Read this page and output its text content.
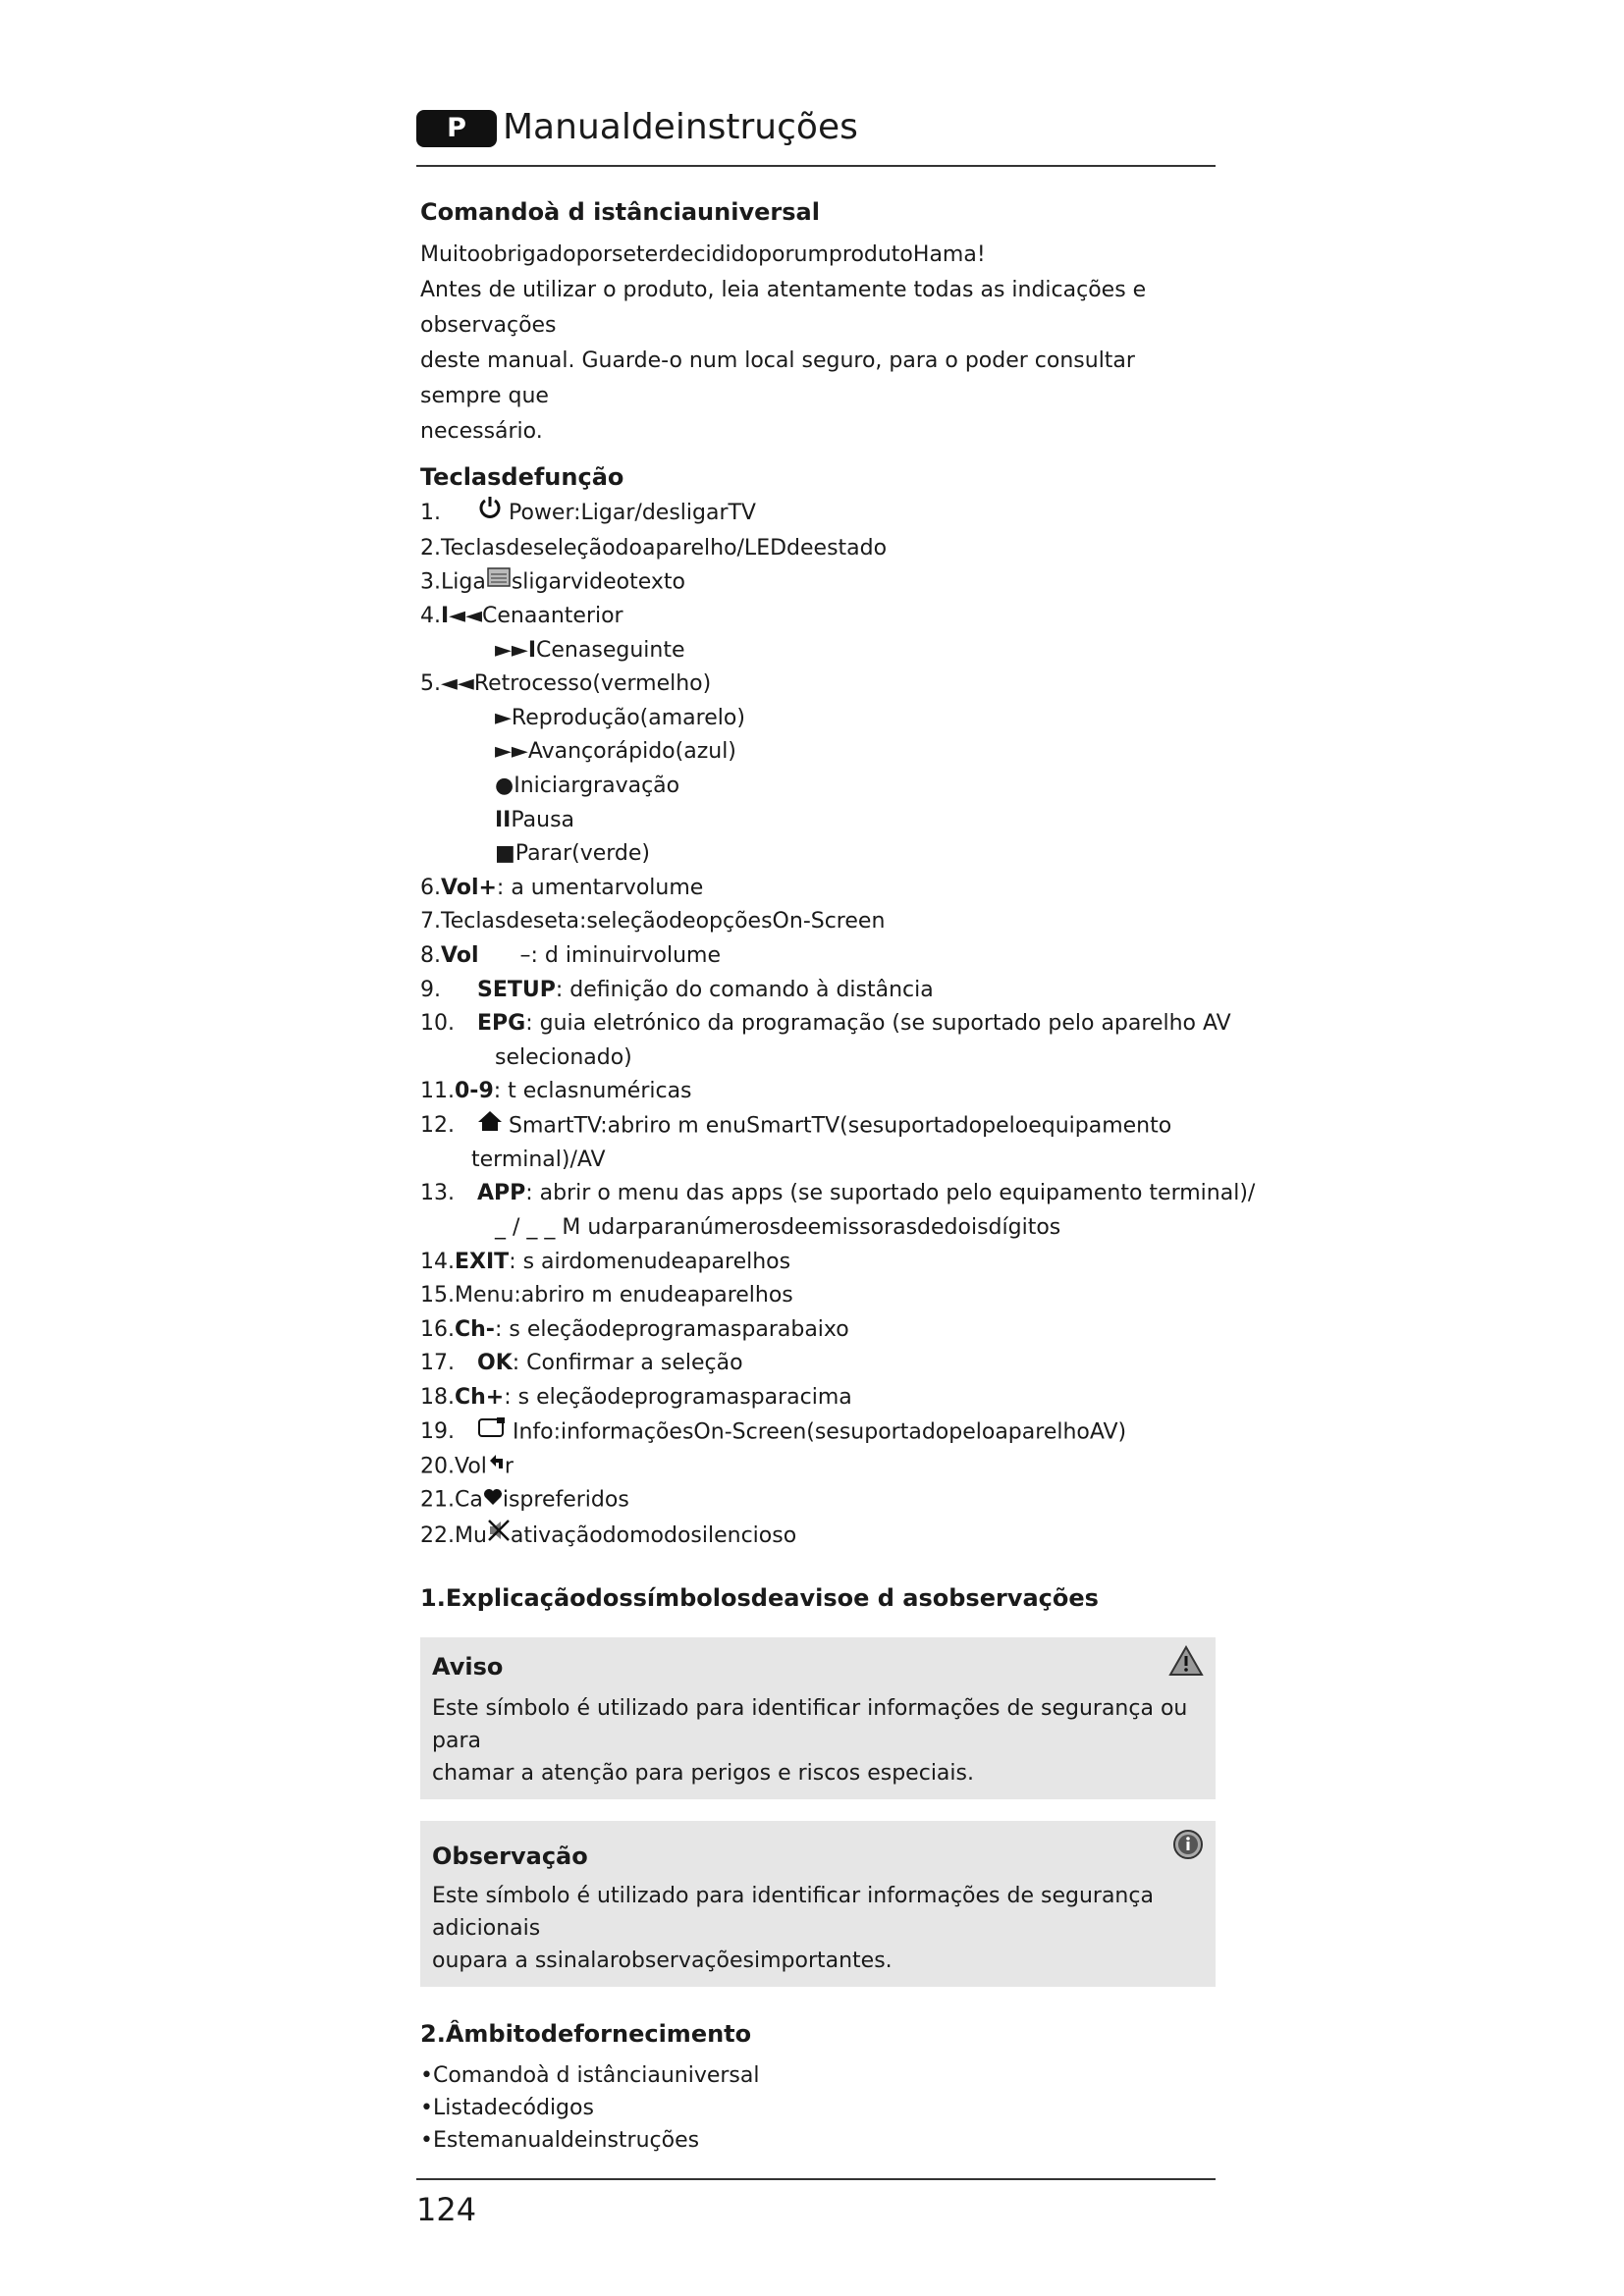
P	Manualdeinstruções
Comandoà d istânciauniversal

MuitoobrigadoporseterdecididoporumprodutoHama!

Antes de utilizar o produto, leia atentamente todas as indicações e observações

deste manual. Guarde-o num local seguro, para o poder consultar sempre que

necessário.

Teclasdefunção
1.	Power:Ligar/desligarTV
2.Teclasdeseleçãodoaparelho/LEDdeestado
3.Liga sligarvideotexto
4.I◄◄Cenaanterior
►►ICenaseguinte
5.◄◄Retrocesso(vermelho)
►Reprodução(amarelo)
►►Avançorápido(azul)
●Iniciargravação
IIPausa
■Parar(verde)
6.Vol+: a umentarvolume
7.Teclasdeseta:seleçãodeopçõesOn-Screen
8.Vol –: d iminuirvolume
9. SETUP: definição do comando à distância
10. EPG: guia eletrónico da programação (se suportado pelo aparelho AV
selecionado)
11.0-9: t eclasnuméricas
12.	SmartTV:abriro m enuSmartTV(sesuportadopeloequipamento
terminal)/AV
13. APP: abrir o menu das apps (se suportado pelo equipamento terminal)/
_ / _ _ M udarparanúmerosdeemissorasdedoisdígitos
14.EXIT: s airdomenudeaparelhos
15.Menu:abriro m enudeaparelhos
16.Ch-: s eleçãodeprogramasparabaixo
17. OK: Confirmar a seleção
18.Ch+: s eleçãodeprogramasparacima
19.	Info:informaçõesOn-Screen(sesuportadopeloaparelhoAV)
20.Vol r
21.Ca ispreferidos
22.Mu ativaçãodomodosilencioso
1.Explicaçãodossímbolosdeavisoe d asobservações
Aviso

Este símbolo é utilizado para identificar informações de segurança ou para

chamar a atenção para perigos e riscos especiais.

Observação

Este símbolo é utilizado para identificar informações de segurança adicionais

oupara a ssinalarobservaçõesimportantes.

2.Âmbitodefornecimento
•Comandoà d istânciauniversal
•Listadecódigos
•Estemanualdeinstruções
124
